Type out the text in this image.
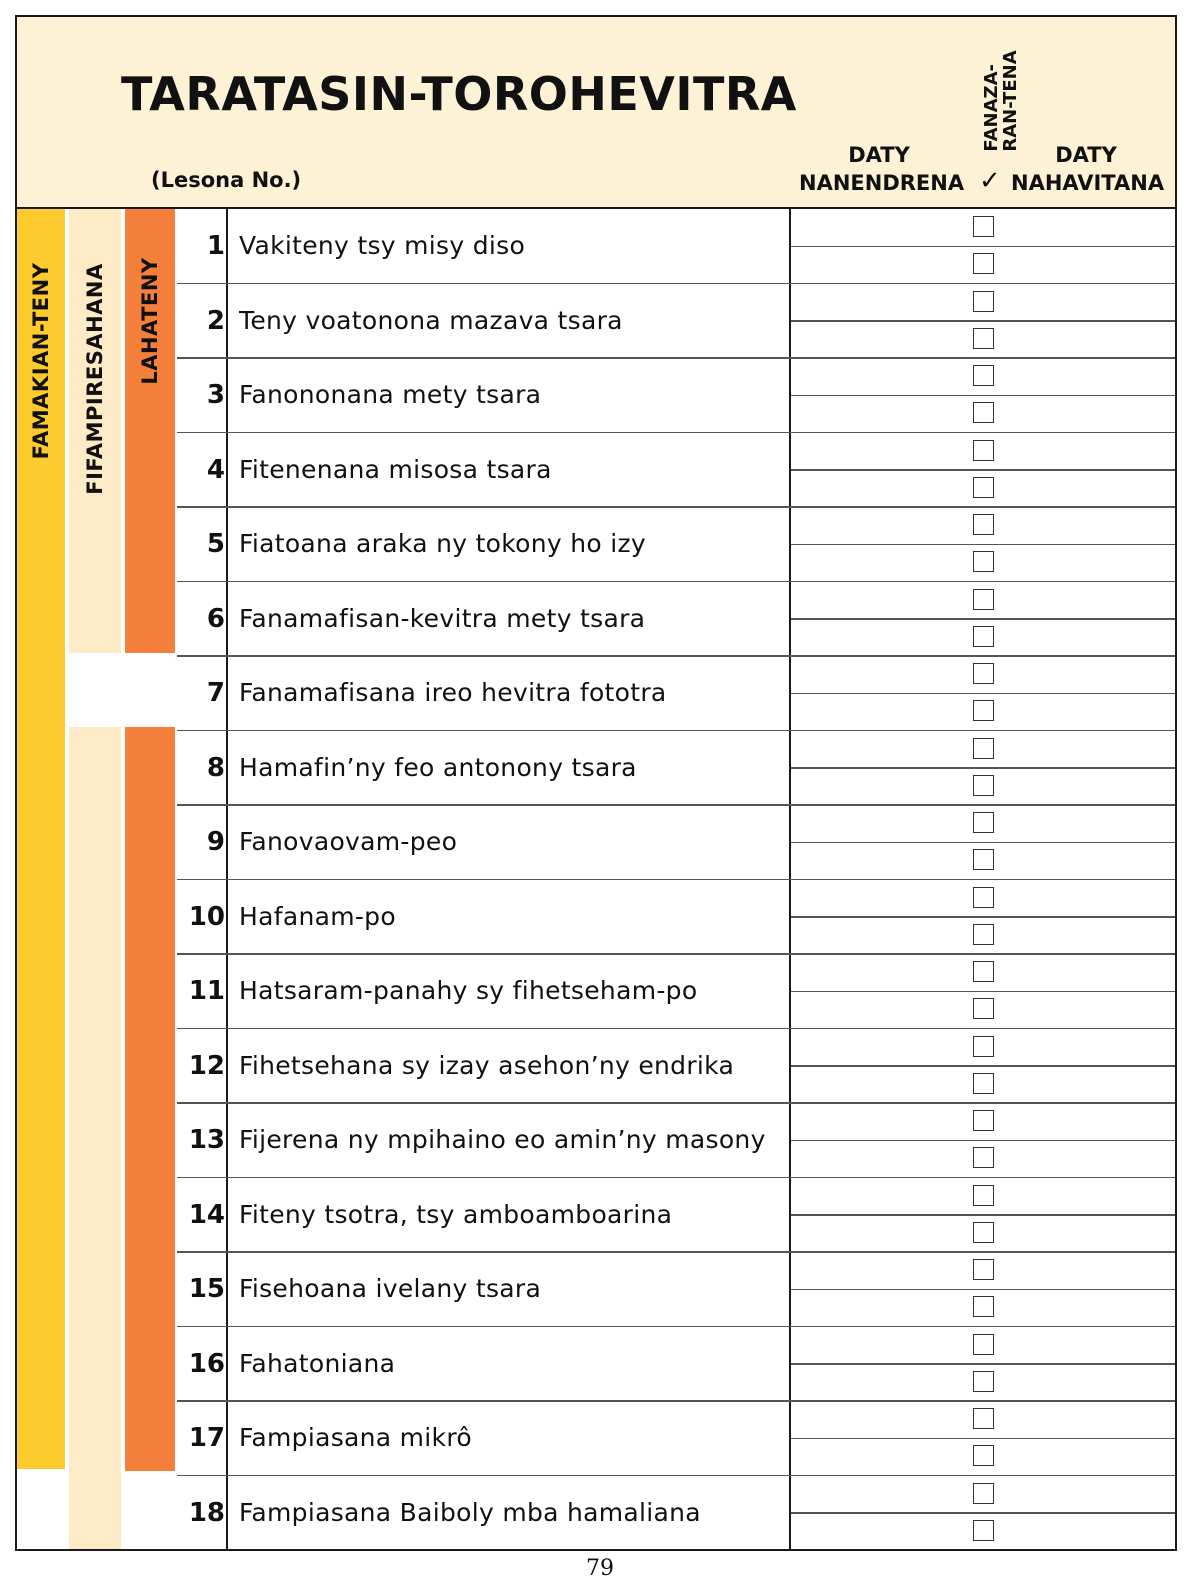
TARATASIN-TOROHEVITRA
(Lesona No.)
DATY
NANENDRENA
FANAZA-
RAN-TENA
✓
DATY
NAHAVITANA
FAMAKIAN-TENY FIFAMPIRESAHANA LAHATENY
1 Vakiteny tsy misy diso
2 Teny voatonona mazava tsara
3 Fanononana mety tsara
4 Fitenenana misosa tsara
5 Fiatoana araka ny tokony ho izy
6 Fanamafisan-kevitra mety tsara
7 Fanamafisana ireo hevitra fototra
8 Hamafin’ny feo antonony tsara
9 Fanovaovam-peo
10 Hafanam-po
11 Hatsaram-panahy sy fihetseham-po
12 Fihetsehana sy izay asehon’ny endrika
13 Fijerena ny mpihaino eo amin’ny masony
14 Fiteny tsotra, tsy amboamboarina
15 Fisehoana ivelany tsara
16 Fahatoniana
17 Fampiasana mikrô
18 Fampiasana Baiboly mba hamaliana
79
